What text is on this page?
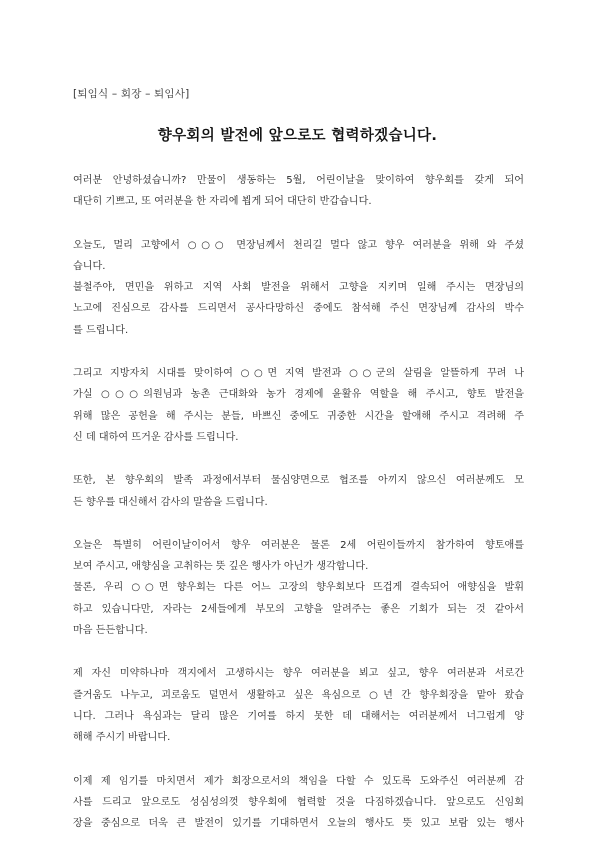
[퇴임식 – 회장 – 퇴임사]
향우회의 발전에 앞으로도 협력하겠습니다.
여러분 안녕하셨습니까? 만물이 생동하는 5월, 어린이날을 맞이하여 향우회를 갖게 되어
대단히 기쁘고, 또 여러분을 한 자리에 뵙게 되어 대단히 반갑습니다.
오늘도, 멀리 고향에서 ○○○ 면장님께서 천리길 멀다 않고 향우 여러분을 위해 와 주셨
습니다.
불철주야, 면민을 위하고 지역 사회 발전을 위해서 고향을 지키며 일해 주시는 면장님의
노고에 진심으로 감사를 드리면서 공사다망하신 중에도 참석해 주신 면장님께 감사의 박수
를 드립니다.
그리고 지방자치 시대를 맞이하여 ○○면 지역 발전과 ○○군의 살림을 알뜰하게 꾸려 나
가실 ○○○의원님과 농촌 근대화와 농가 경제에 윤활유 역할을 해 주시고, 향토 발전을
위해 많은 공헌을 해 주시는 분들, 바쁘신 중에도 귀중한 시간을 할애해 주시고 격려해 주
신 데 대하여 뜨거운 감사를 드립니다.
또한, 본 향우회의 발족 과정에서부터 물심양면으로 협조를 아끼지 않으신 여러분께도 모
든 향우를 대신해서 감사의 말씀을 드립니다.
오늘은 특별히 어린이날이어서 향우 여러분은 물론 2세 어린이들까지 참가하여 향토애를
보여 주시고, 애향심을 고취하는 뜻 깊은 행사가 아닌가 생각합니다.
물론, 우리 ○○면 향우회는 다른 어느 고장의 향우회보다 뜨겁게 결속되어 애향심을 발휘
하고 있습니다만, 자라는 2세들에게 부모의 고향을 알려주는 좋은 기회가 되는 것 같아서
마음 든든합니다.
제 자신 미약하나마 객지에서 고생하시는 향우 여러분을 뵈고 싶고, 향우 여러분과 서로간
즐거움도 나누고, 괴로움도 덜면서 생활하고 싶은 욕심으로 ○년 간 향우회장을 맡아 왔습
니다. 그러나 욕심과는 달리 많은 기여를 하지 못한 데 대해서는 여러분께서 너그럽게 양
해해 주시기 바랍니다.
이제 제 임기를 마치면서 제가 회장으로서의 책임을 다할 수 있도록 도와주신 여러분께 감
사를 드리고 앞으로도 성심성의껏 향우회에 협력할 것을 다짐하겠습니다. 앞으로도 신임회
장을 중심으로 더욱 큰 발전이 있기를 기대하면서 오늘의 행사도 뜻 있고 보람 있는 행사
